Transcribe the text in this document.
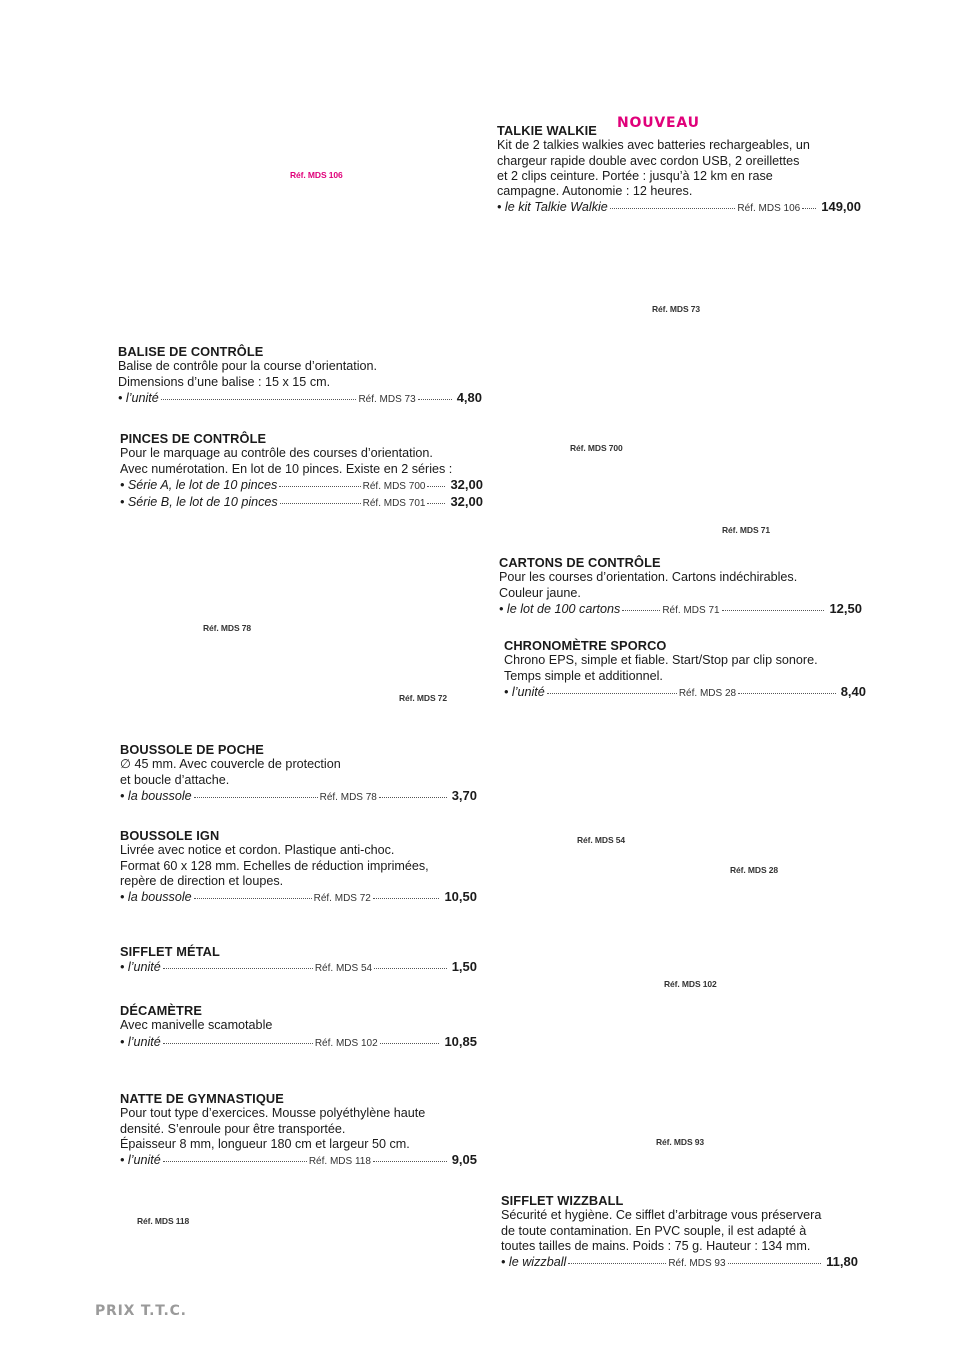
Réf. MDS 106
Réf. MDS 73
Réf. MDS 700
Réf. MDS 71
Réf. MDS 78
Réf. MDS 72
Réf. MDS 54
Réf. MDS 28
Réf. MDS 102
Réf. MDS 93
Réf. MDS 118
NOUVEAU
TALKIE WALKIE
Kit de 2 talkies walkies avec batteries rechargeables, un
chargeur rapide double avec cordon USB, 2 oreillettes
et 2 clips ceinture. Portée : jusqu’à 12 km en rase
campagne. Autonomie : 12 heures.
• le kit Talkie Walkie	Réf. MDS 106 149,00
BALISE DE CONTRÔLE
Balise de contrôle pour la course d’orientation.
Dimensions d’une balise : 15 x 15 cm.
• l’unité	Réf. MDS 73	4,80
PINCES DE CONTRÔLE
Pour le marquage au contrôle des courses d’orientation.
Avec numérotation. En lot de 10 pinces. Existe en 2 séries :
• Série A, le lot de 10 pinces	Réf. MDS 700 32,00
• Série B, le lot de 10 pinces	Réf. MDS 701 32,00
CARTONS DE CONTRÔLE
Pour les courses d’orientation. Cartons indéchirables.
Couleur jaune.
• le lot de 100 cartons	Réf. MDS 71	12,50
CHRONOMÈTRE SPORCO
Chrono EPS, simple et fiable. Start/Stop par clip sonore.
Temps simple et additionnel.
• l’unité	Réf. MDS 28	8,40
BOUSSOLE DE POCHE
∅ 45 mm. Avec couvercle de protection
et boucle d’attache.
• la boussole	Réf. MDS 78	3,70
BOUSSOLE IGN
Livrée avec notice et cordon. Plastique anti-choc.
Format 60 x 128 mm. Echelles de réduction imprimées,
repère de direction et loupes.
• la boussole	Réf. MDS 72	10,50
SIFFLET MÉTAL
• l’unité	Réf. MDS 54	1,50
DÉCAMÈTRE
Avec manivelle scamotable
• l’unité	Réf. MDS 102	10,85
NATTE DE GYMNASTIQUE
Pour tout type d’exercices. Mousse polyéthylène haute
densité. S’enroule pour être transportée.
Épaisseur 8 mm, longueur 180 cm et largeur 50 cm.
• l’unité	Réf. MDS 118	9,05
SIFFLET WIZZBALL
Sécurité et hygiène. Ce sifflet d’arbitrage vous préservera
de toute contamination. En PVC souple, il est adapté à
toutes tailles de mains. Poids : 75 g. Hauteur : 134 mm.
• le wizzball	Réf. MDS 93	11,80
PRIX T.T.C.
